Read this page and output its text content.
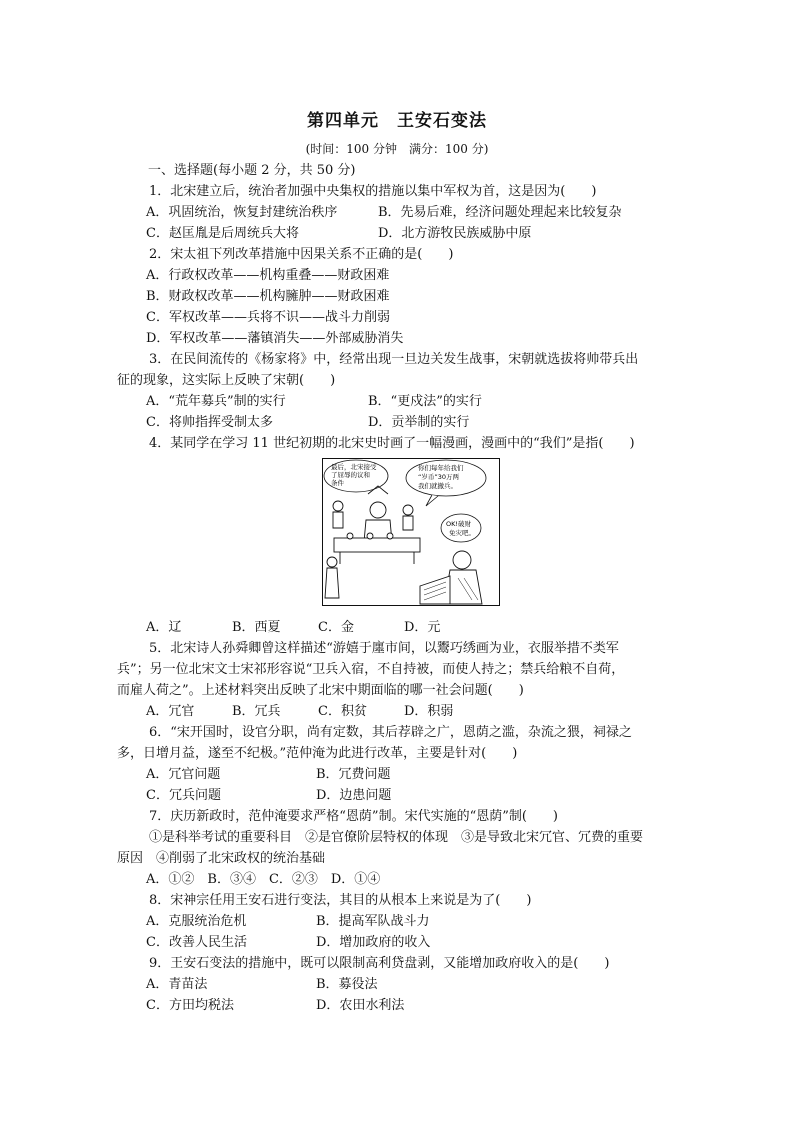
第四单元　王安石变法
(时间：100 分钟　满分：100 分)
一、选择题(每小题 2 分，共 50 分)
1．北宋建立后，统治者加强中央集权的措施以集中军权为首，这是因为(　　)
A．巩固统治，恢复封建统治秩序	B．先易后难，经济问题处理起来比较复杂
C．赵匡胤是后周统兵大将	D．北方游牧民族威胁中原
2．宋太祖下列改革措施中因果关系不正确的是(　　)
A．行政权改革——机构重叠——财政困难
B．财政权改革——机构臃肿——财政困难
C．军权改革——兵将不识——战斗力削弱
D．军权改革——藩镇消失——外部威胁消失
3．在民间流传的《杨家将》中，经常出现一旦边关发生战事，宋朝就选拔将帅带兵出
征的现象，这实际上反映了宋朝(　　)
A．“荒年募兵”制的实行	B．“更戍法”的实行
C．将帅指挥受制太多	D．贡举制的实行
4．某同学在学习 11 世纪初期的北宋史时画了一幅漫画，漫画中的“我们”是指(　　)
最后，北宋接受
了屈辱的议和
条件
你们每年给我们
“岁币”30万两
我们就撤兵。
OK!破财
免灾吧。
A．辽	B．西夏	C．金	D．元
5．北宋诗人孙舜卿曾这样描述“游嬉于廛市间，以鬻巧绣画为业，衣服举措不类军
兵”；另一位北宋文士宋祁形容说“卫兵入宿，不自持被，而使人持之；禁兵给粮不自荷，
而雇人荷之”。上述材料突出反映了北宋中期面临的哪一社会问题(　　)
A．冗官	B．冗兵	C．积贫	D．积弱
6．“宋开国时，设官分职，尚有定数，其后荐辟之广，恩荫之滥，杂流之猥，祠禄之
多，日增月益，遂至不纪极。”范仲淹为此进行改革，主要是针对(　　)
A．冗官问题	B．冗费问题
C．冗兵问题	D．边患问题
7．庆历新政时，范仲淹要求严格“恩荫”制。宋代实施的“恩荫”制(　　)
①是科举考试的重要科目　②是官僚阶层特权的体现　③是导致北宋冗官、冗费的重要
原因　④削弱了北宋政权的统治基础
A．①②　B．③④　C．②③　D．①④
8．宋神宗任用王安石进行变法，其目的从根本上来说是为了(　　)
A．克服统治危机	B．提高军队战斗力
C．改善人民生活	D．增加政府的收入
9．王安石变法的措施中，既可以限制高利贷盘剥，又能增加政府收入的是(　　)
A．青苗法	B．募役法
C．方田均税法	D．农田水利法
